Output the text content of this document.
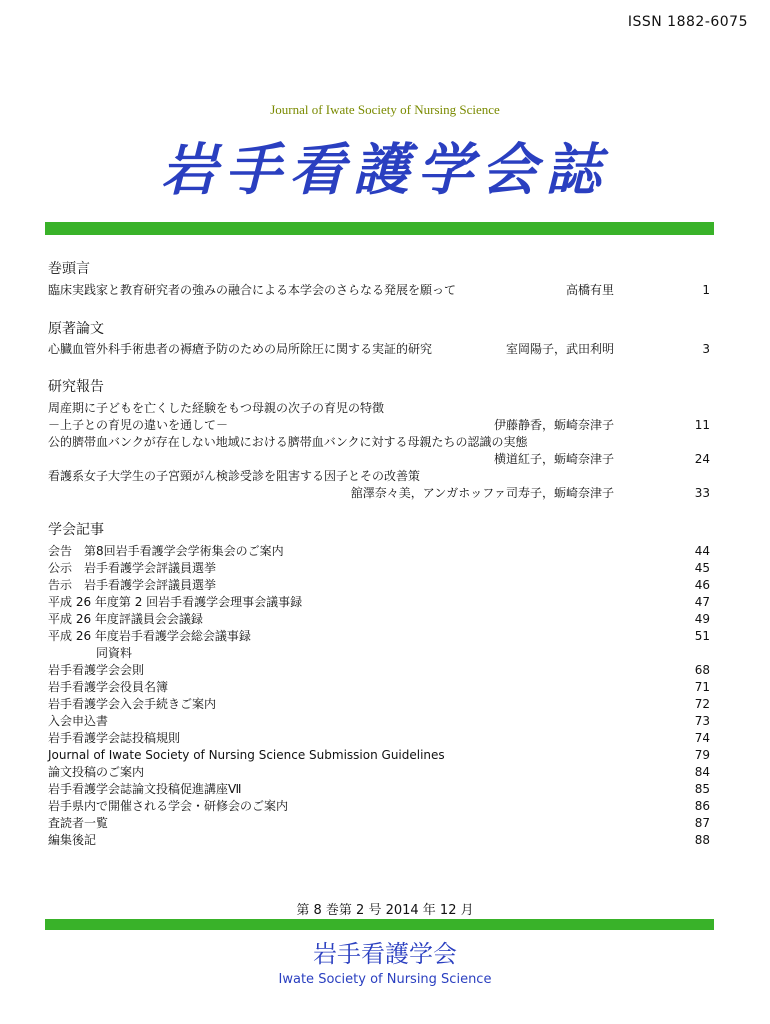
ISSN 1882-6075
Journal of Iwate Society of Nursing Science
岩手看護学会誌
巻頭言
臨床実践家と教育研究者の強みの融合による本学会のさらなる発展を願って	高橋有里	1
原著論文
心臓血管外科手術患者の褥瘡予防のための局所除圧に関する実証的研究	室岡陽子，武田利明	3
研究報告
周産期に子どもを亡くした経験をもつ母親の次子の育児の特徴
－上子との育児の違いを通して－	伊藤静香，蛎崎奈津子	11
公的臍帯血バンクが存在しない地域における臍帯血バンクに対する母親たちの認識の実態
横道紅子，蛎崎奈津子	24
看護系女子大学生の子宮頸がん検診受診を阻害する因子とその改善策
舘澤奈々美，アンガホッファ司寿子，蛎崎奈津子	33
学会記事
会告　第8回岩手看護学会学術集会のご案内	44
公示　岩手看護学会評議員選挙	45
告示　岩手看護学会評議員選挙	46
平成 26 年度第 2 回岩手看護学会理事会議事録	47
平成 26 年度評議員会会議録	49
平成 26 年度岩手看護学会総会議事録	51
　　　　同資料
岩手看護学会会則	68
岩手看護学会役員名簿	71
岩手看護学会入会手続きご案内	72
入会申込書	73
岩手看護学会誌投稿規則	74
Journal of Iwate Society of Nursing Science Submission Guidelines	79
論文投稿のご案内	84
岩手看護学会誌論文投稿促進講座Ⅶ	85
岩手県内で開催される学会・研修会のご案内	86
査読者一覧	87
編集後記	88
第 8 巻第 2 号 2014 年 12 月
岩手看護学会
Iwate Society of Nursing Science
